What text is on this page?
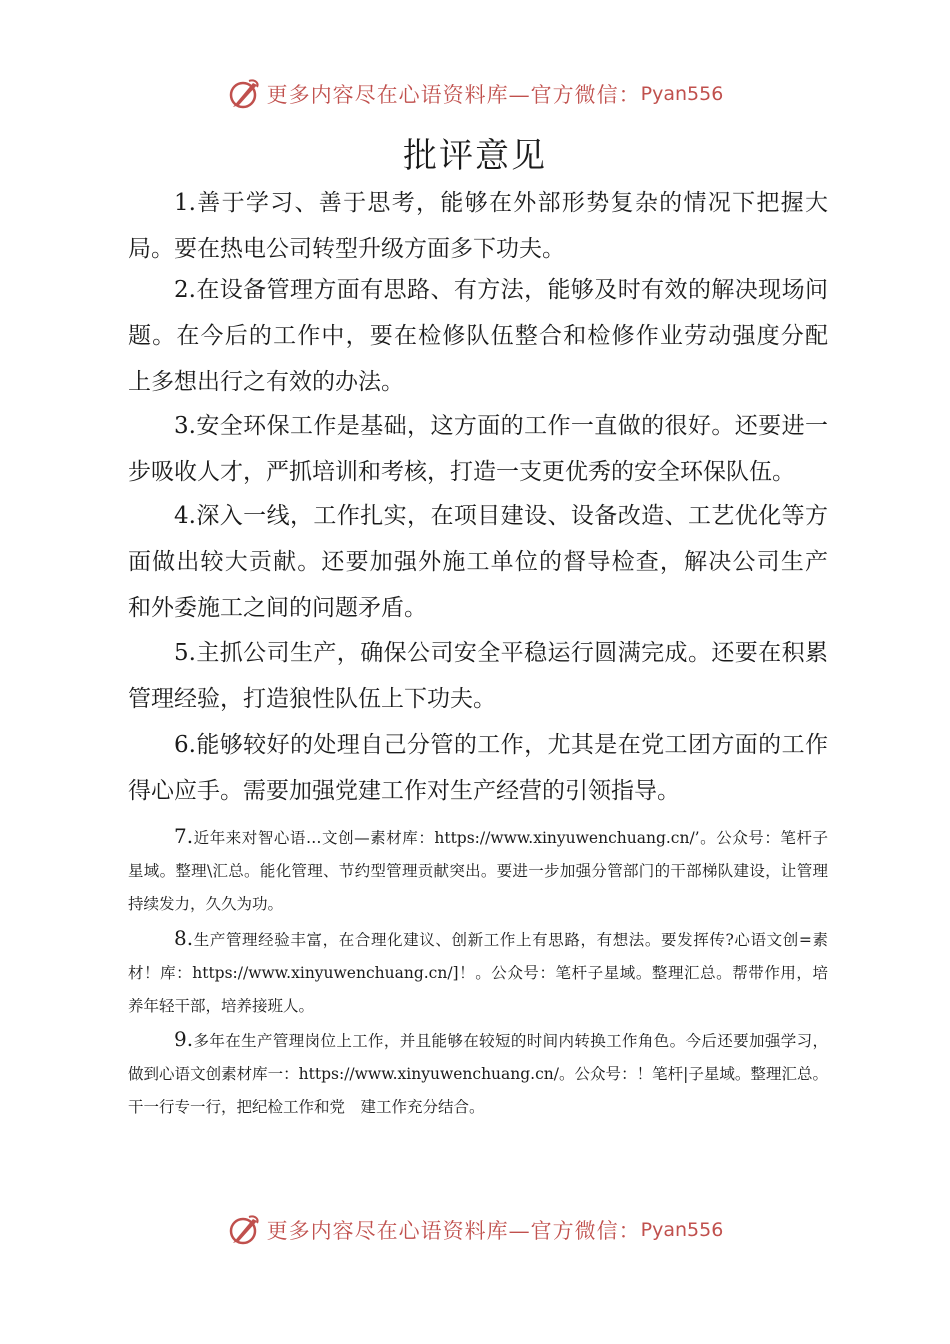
更多内容尽在心语资料库—官方微信： Pyan556
批评意见

1.善于学习、善于思考，能够在外部形势复杂的情况下把握大局。要在热电公司转型升级方面多下功夫。

2.在设备管理方面有思路、有方法，能够及时有效的解决现场问题。在今后的工作中，要在检修队伍整合和检修作业劳动强度分配　上多想出行之有效的办法。

3.安全环保工作是基础，这方面的工作一直做的很好。还要进一步吸收人才，严抓培训和考核，打造一支更优秀的安全环保队伍。

4.深入一线，工作扎实，在项目建设、设备改造、工艺优化等方面做出较大贡献。还要加强外施工单位的督导检查，解决公司生产　和外委施工之间的问题矛盾。

5.主抓公司生产，确保公司安全平稳运行圆满完成。还要在积累管理经验，打造狼性队伍上下功夫。

6.能够较好的处理自己分管的工作，尤其是在党工团方面的工作得心应手。需要加强党建工作对生产经营的引领指导。

7.近年来对智心语…文创—素材库：https://www.xinyuwenchuang.cn/’。公众号：笔杆子星域。整理\汇总。能化管理、节约型管理贡献突出。要进一步加强分管部门的干部梯队建设，让管理持续发力，久久为功。

8.生产管理经验丰富，在合理化建议、创新工作上有思路，有想法。要发挥传?心语文创=素材！库：https://www.xinyuwenchuang.cn/]！。公众号：笔杆子星域。整理汇总。帮带作用，培养年轻干部，培养接班人。

9.多年在生产管理岗位上工作，并且能够在较短的时间内转换工作角色。今后还要加强学习，做到心语文创素材库一：https://www.xinyuwenchuang.cn/。公众号：！笔杆|子星域。整理汇总。干一行专一行，把纪检工作和党　建工作充分结合。

更多内容尽在心语资料库—官方微信： Pyan556
